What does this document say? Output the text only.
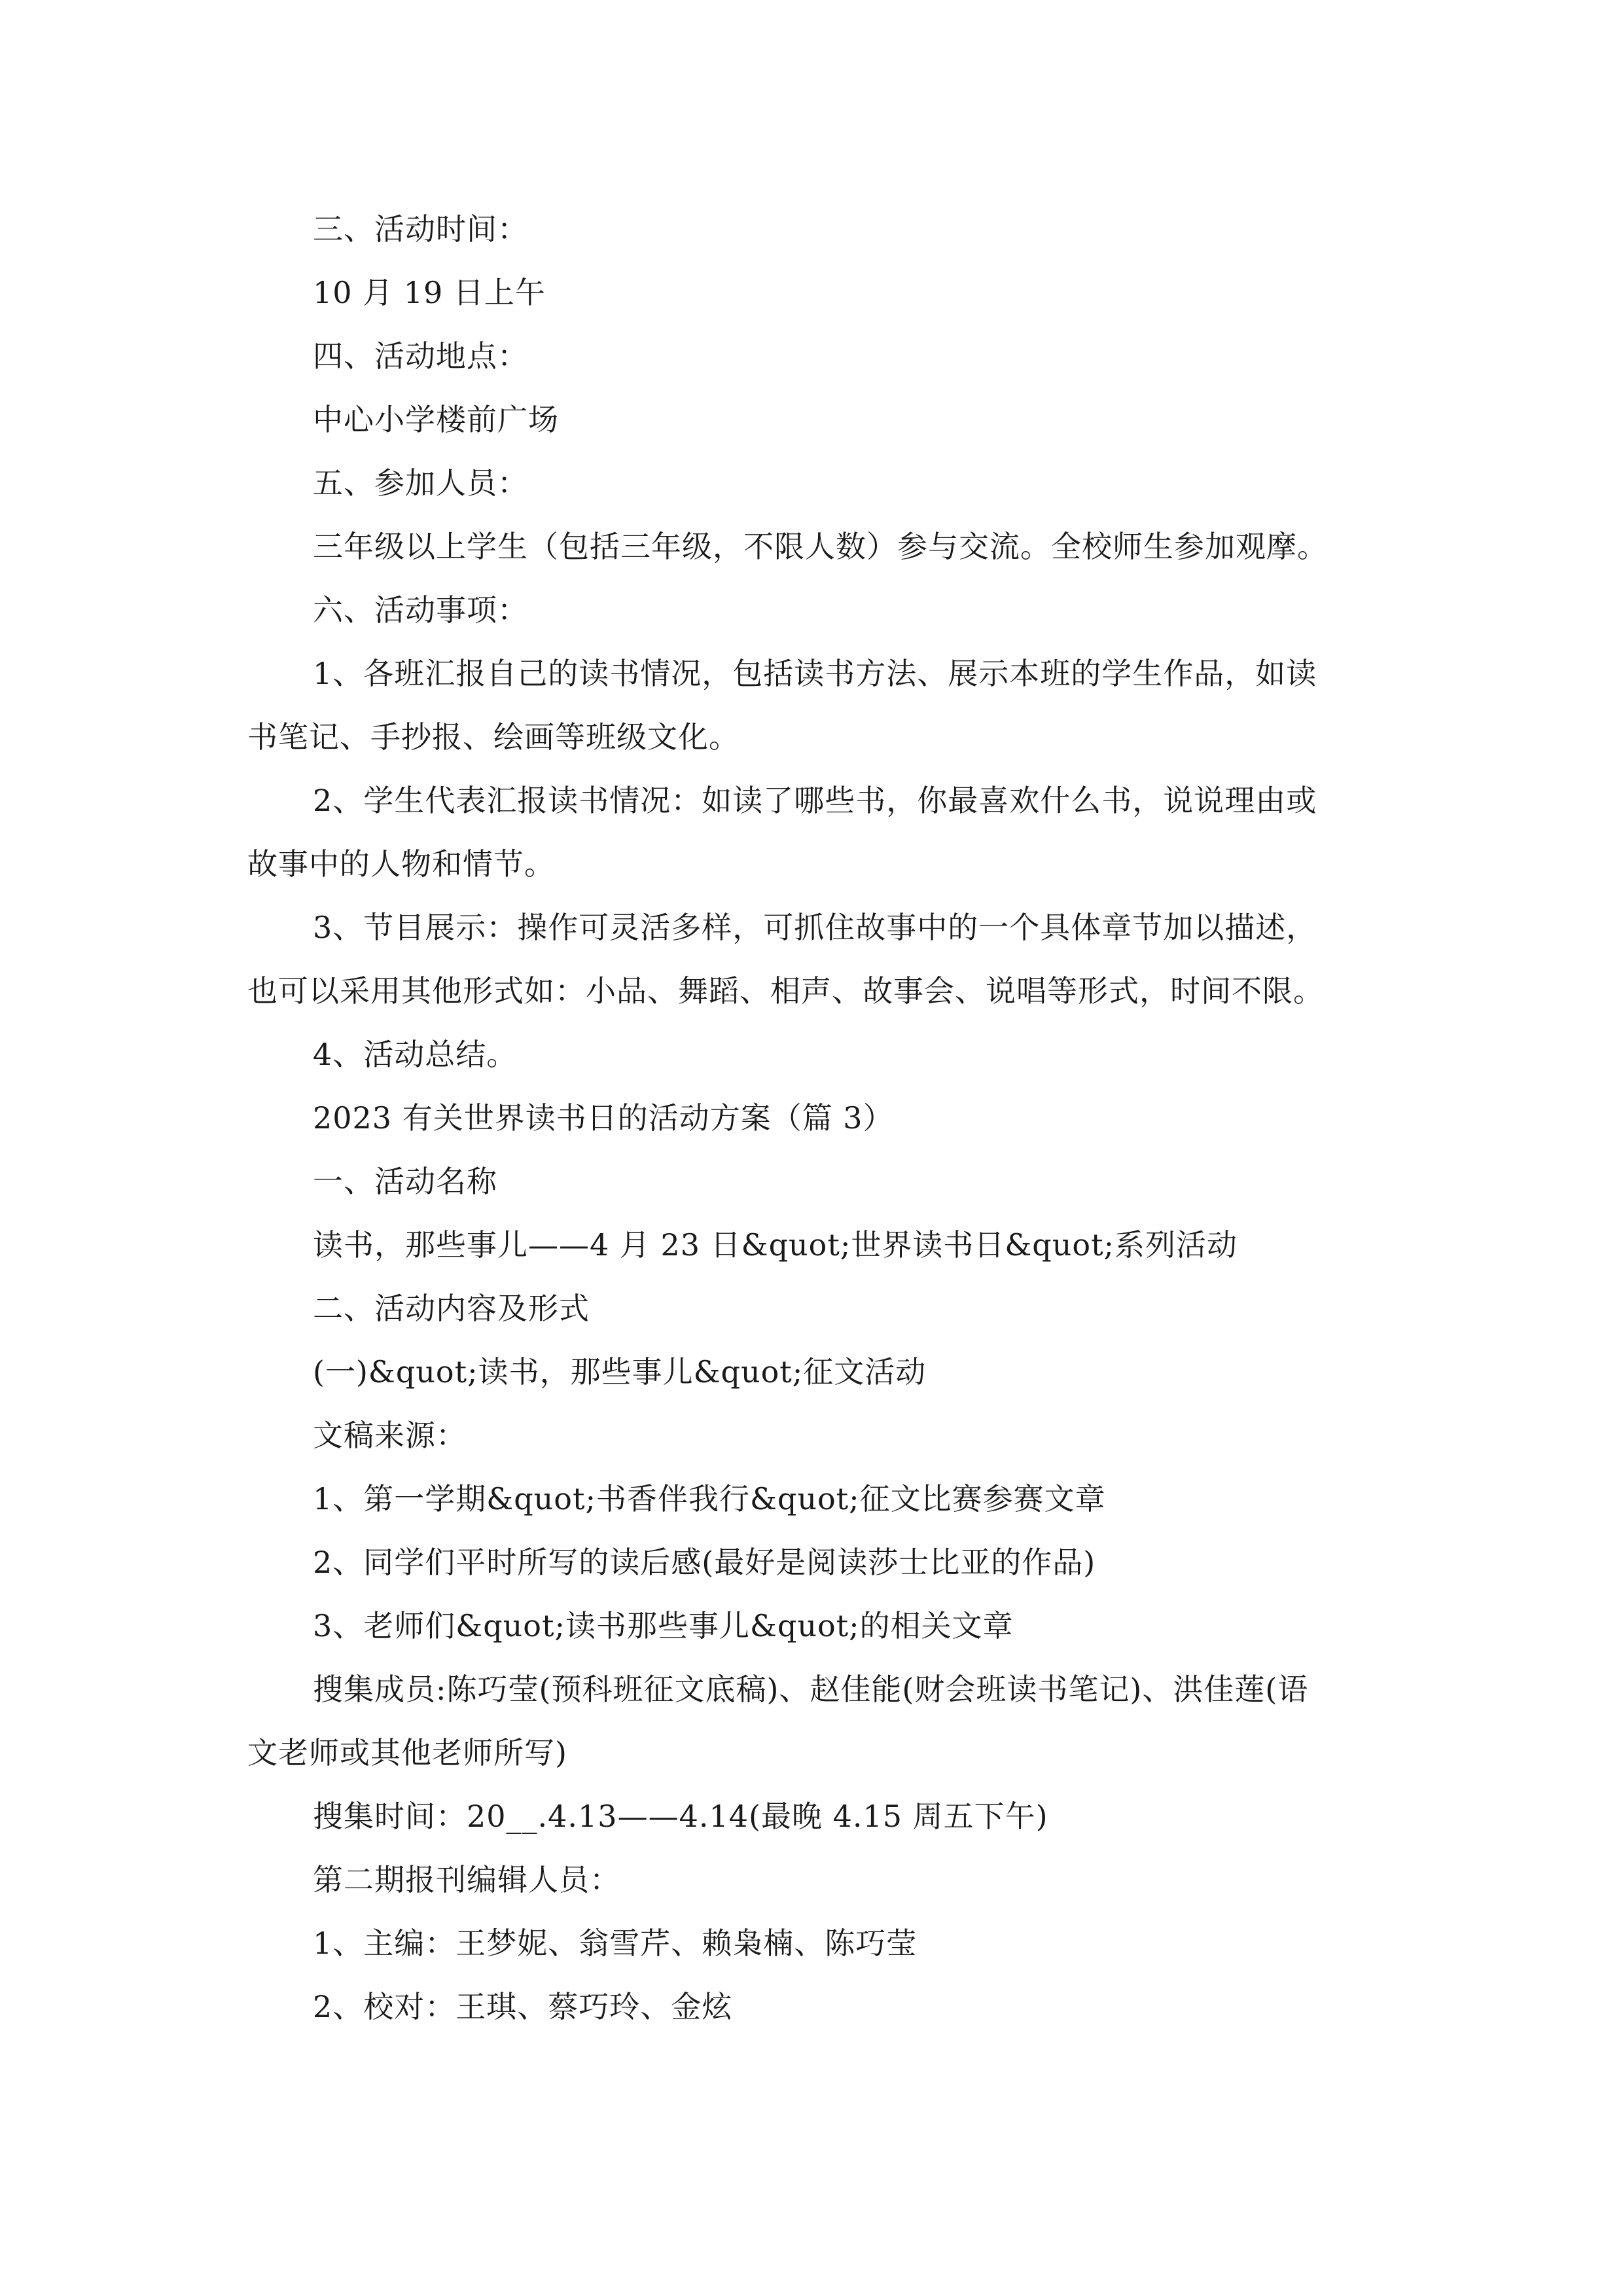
三、活动时间：
10 月 19 日上午
四、活动地点：
中心小学楼前广场
五、参加人员：
三年级以上学生（包括三年级，不限人数）参与交流。全校师生参加观摩。
六、活动事项：
1、各班汇报自己的读书情况，包括读书方法、展示本班的学生作品，如读
书笔记、手抄报、绘画等班级文化。
2、学生代表汇报读书情况：如读了哪些书，你最喜欢什么书，说说理由或
故事中的人物和情节。
3、节目展示：操作可灵活多样，可抓住故事中的一个具体章节加以描述，
也可以采用其他形式如：小品、舞蹈、相声、故事会、说唱等形式，时间不限。
4、活动总结。
2023 有关世界读书日的活动方案（篇 3）
一、活动名称
读书，那些事儿——4 月 23 日&quot;世界读书日&quot;系列活动
二、活动内容及形式
(一)&quot;读书，那些事儿&quot;征文活动
文稿来源：
1、第一学期&quot;书香伴我行&quot;征文比赛参赛文章
2、同学们平时所写的读后感(最好是阅读莎士比亚的作品)
3、老师们&quot;读书那些事儿&quot;的相关文章
搜集成员:陈巧莹(预科班征文底稿)、赵佳能(财会班读书笔记)、洪佳莲(语
文老师或其他老师所写)
搜集时间：20__.4.13——4.14(最晚 4.15 周五下午)
第二期报刊编辑人员：
1、主编：王梦妮、翁雪芹、赖枭楠、陈巧莹
2、校对：王琪、蔡巧玲、金炫
